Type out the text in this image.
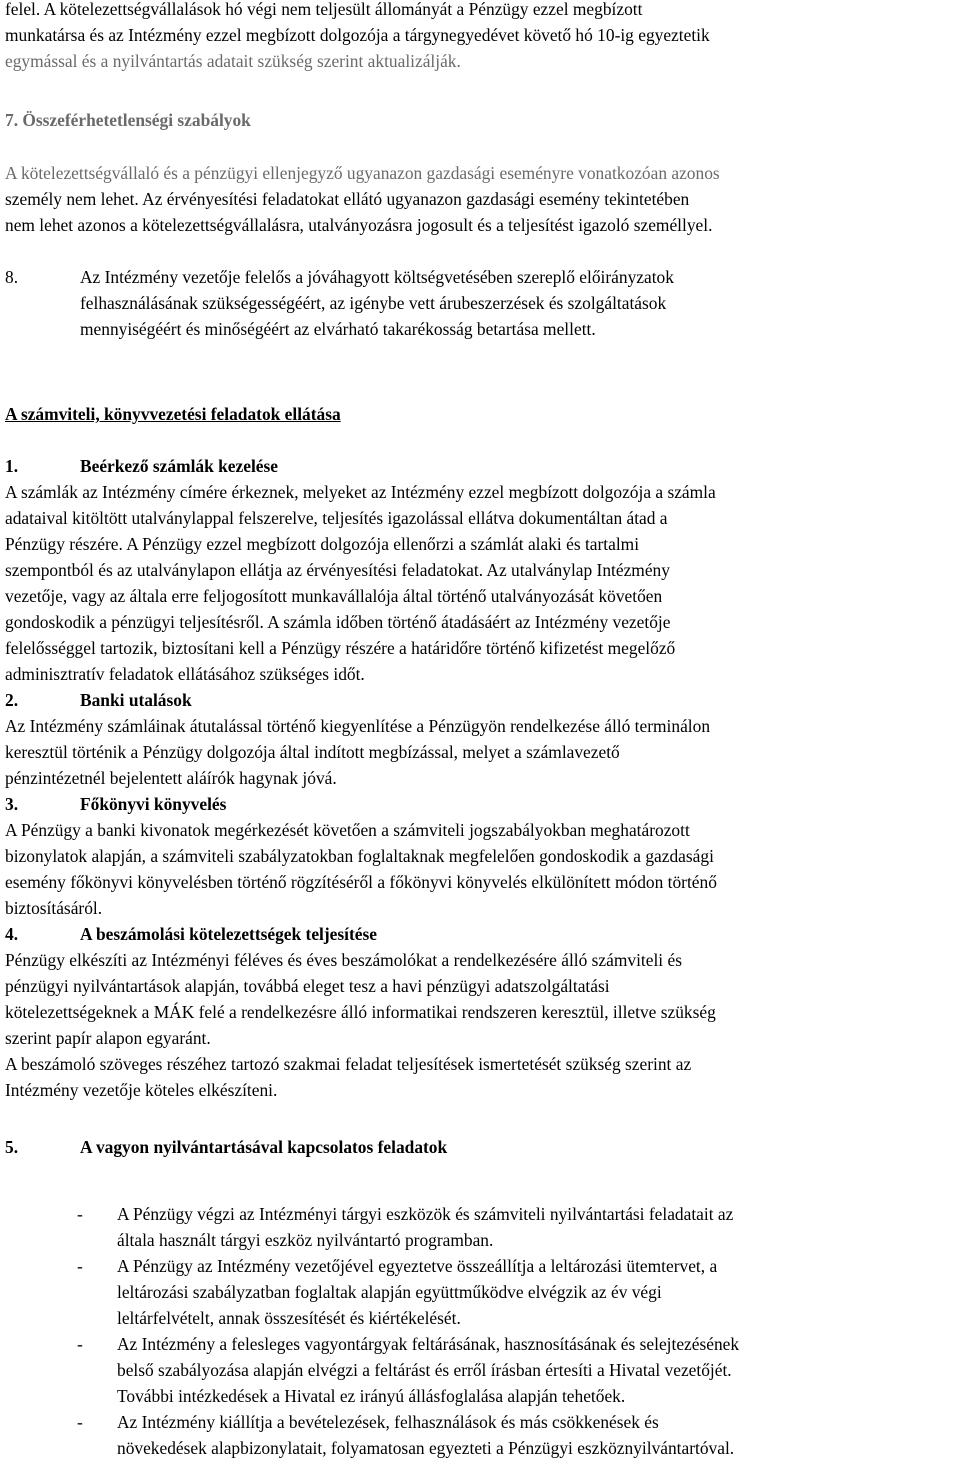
felel. A kötelezettségvállalások hó végi nem teljesült állományát a Pénzügy ezzel megbízott
munkatársa és az Intézmény ezzel megbízott dolgozója a tárgynegyedévet követő hó 10-ig egyeztetik
egymással és a nyilvántartás adatait szükség szerint aktualizálják.
7. Összeférhetetlenségi szabályok
A kötelezettségvállaló és a pénzügyi ellenjegyző ugyanazon gazdasági eseményre vonatkozóan azonos
személy nem lehet. Az érvényesítési feladatokat ellátó ugyanazon gazdasági esemény tekintetében
nem lehet azonos a kötelezettségvállalásra, utalványozásra jogosult és a teljesítést igazoló személlyel.
8.	Az Intézmény vezetője felelős a jóváhagyott költségvetésében szereplő előirányzatok
felhasználásának szükségességéért, az igénybe vett árubeszerzések és szolgáltatások
mennyiségéért és minőségéért az elvárható takarékosság betartása mellett.
A számviteli, könyvvezetési feladatok ellátása
1.	Beérkező számlák kezelése
A számlák az Intézmény címére érkeznek, melyeket az Intézmény ezzel megbízott dolgozója a számla
adataival kitöltött utalványlappal felszerelve, teljesítés igazolással ellátva dokumentáltan átad a
Pénzügy részére. A Pénzügy ezzel megbízott dolgozója ellenőrzi a számlát alaki és tartalmi
szempontból és az utalványlapon ellátja az érvényesítési feladatokat. Az utalványlap Intézmény
vezetője, vagy az általa erre feljogosított munkavállalója által történő utalványozását követően
gondoskodik a pénzügyi teljesítésről. A számla időben történő átadásáért az Intézmény vezetője
felelősséggel tartozik, biztosítani kell a Pénzügy részére a határidőre történő kifizetést megelőző
adminisztratív feladatok ellátásához szükséges időt.
2.	Banki utalások
Az Intézmény számláinak átutalással történő kiegyenlítése a Pénzügyön rendelkezése álló terminálon
keresztül történik a Pénzügy dolgozója által indított megbízással, melyet a számlavezető
pénzintézetnél bejelentett aláírók hagynak jóvá.
3.	Főkönyvi könyvelés
A Pénzügy a banki kivonatok megérkezését követően a számviteli jogszabályokban meghatározott
bizonylatok alapján, a számviteli szabályzatokban foglaltaknak megfelelően gondoskodik a gazdasági
esemény főkönyvi könyvelésben történő rögzítéséről a főkönyvi könyvelés elkülönített módon történő
biztosításáról.
4.	A beszámolási kötelezettségek teljesítése
Pénzügy elkészíti az Intézményi féléves és éves beszámolókat a rendelkezésére álló számviteli és
pénzügyi nyilvántartások alapján, továbbá eleget tesz a havi pénzügyi adatszolgáltatási
kötelezettségeknek a MÁK felé a rendelkezésre álló informatikai rendszeren keresztül, illetve szükség
szerint papír alapon egyaránt.
A beszámoló szöveges részéhez tartozó szakmai feladat teljesítések ismertetését szükség szerint az
Intézmény vezetője köteles elkészíteni.
5.	A vagyon nyilvántartásával kapcsolatos feladatok
- A Pénzügy végzi az Intézményi tárgyi eszközök és számviteli nyilvántartási feladatait az
általa használt tárgyi eszköz nyilvántartó programban.
- A Pénzügy az Intézmény vezetőjével egyeztetve összeállítja a leltározási ütemtervet, a
leltározási szabályzatban foglaltak alapján együttműködve elvégzik az év végi
leltárfelvételt, annak összesítését és kiértékelését.
- Az Intézmény a felesleges vagyontárgyak feltárásának, hasznosításának és selejtezésének
belső szabályozása alapján elvégzi a feltárást és erről írásban értesíti a Hivatal vezetőjét.
További intézkedések a Hivatal ez irányú állásfoglalása alapján tehetőek.
- Az Intézmény kiállítja a bevételezések, felhasználások és más csökkenések és
növekedések alapbizonylatait, folyamatosan egyezteti a Pénzügyi eszköznyilvántartóval.
